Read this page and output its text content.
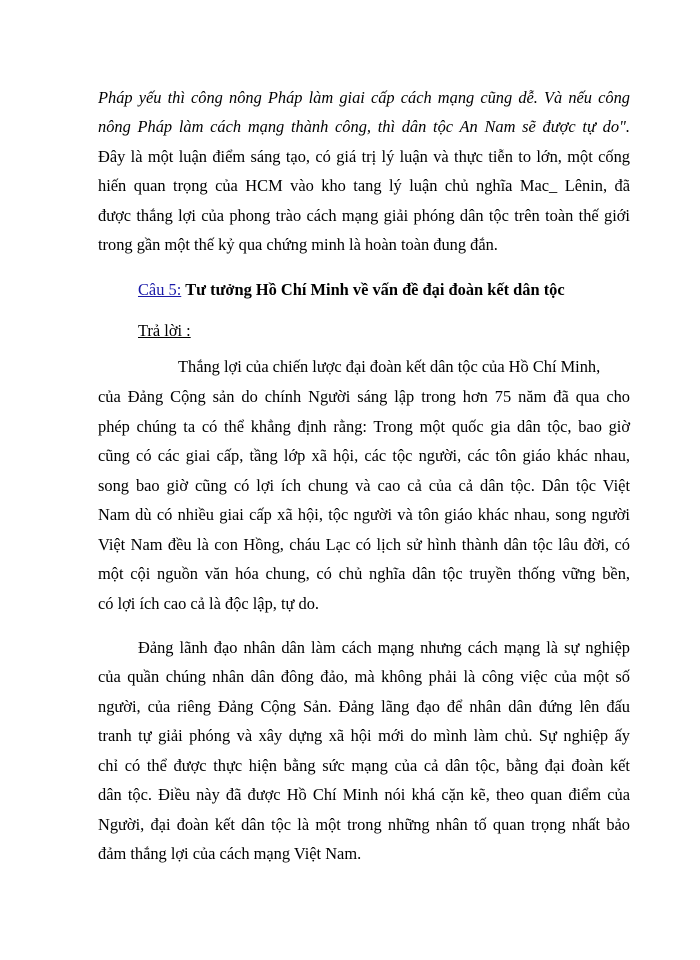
Pháp yếu thì công nông Pháp làm giai cấp cách mạng cũng dễ. Và nếu công
nông Pháp làm cách mạng thành công, thì dân tộc An Nam sẽ được tự do".
Đây là một luận điểm sáng tạo, có giá trị lý luận và thực tiễn to lớn, một cống
hiến quan trọng của HCM vào kho tang lý luận chủ nghĩa Mac_ Lênin, đã
được thắng lợi của phong trào cách mạng giải phóng dân tộc trên toàn thế giới
trong gần một thế kỷ qua chứng minh là hoàn toàn đung đắn.
Câu 5: Tư tưởng Hồ Chí Minh về vấn đề đại đoàn kết dân tộc
Trả lời :
Thắng lợi của chiến lược đại đoàn kết dân tộc của Hồ Chí Minh,
của Đảng Cộng sản do chính Người sáng lập trong hơn 75 năm đã qua cho
phép chúng ta có thể khẳng định rằng: Trong một quốc gia dân tộc, bao giờ
cũng có các giai cấp, tầng lớp xã hội, các tộc người, các tôn giáo khác nhau,
song bao giờ cũng có lợi ích chung và cao cả của cả dân tộc. Dân tộc Việt
Nam dù có nhiều giai cấp xã hội, tộc người và tôn giáo khác nhau, song người
Việt Nam đều là con Hồng, cháu Lạc có lịch sử hình thành dân tộc lâu đời, có
một cội nguồn văn hóa chung, có chủ nghĩa dân tộc truyền thống vững bền,
có lợi ích cao cả là độc lập, tự do.
Đảng lãnh đạo nhân dân làm cách mạng nhưng cách mạng là sự nghiệp
của quần chúng nhân dân đông đảo, mà không phải là công việc của một số
người, của riêng Đảng Cộng Sản. Đảng lãng đạo để nhân dân đứng lên đấu
tranh tự giải phóng và xây dựng xã hội mới do mình làm chủ. Sự nghiệp ấy
chỉ có thể được thực hiện bằng sức mạng của cả dân tộc, bằng đại đoàn kết
dân tộc. Điều này đã được Hồ Chí Minh nói khá cặn kẽ, theo quan điểm của
Người, đại đoàn kết dân tộc là một trong những nhân tố quan trọng nhất bảo
đảm thắng lợi của cách mạng Việt Nam.
